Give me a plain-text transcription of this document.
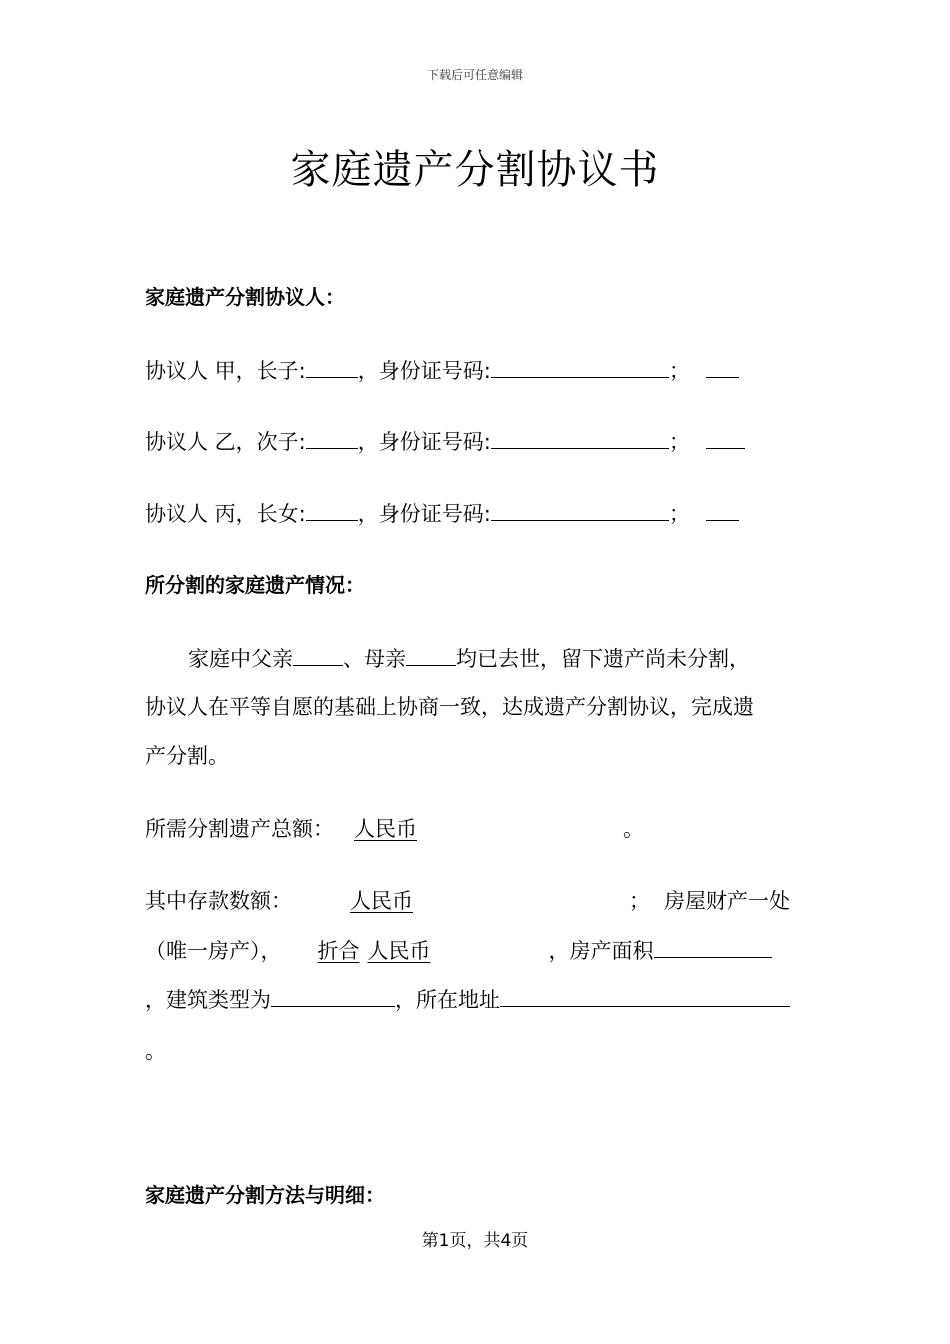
下载后可任意编辑
家庭遗产分割协议书
家庭遗产分割协议人：
协议人 甲，长子: ，身份证号码:	；
协议人 乙，次子: ，身份证号码:	；
协议人 丙，长女: ，身份证号码:	；
所分割的家庭遗产情况：
家庭中父亲 、母亲 均已去世，留下遗产尚未分割，
协议人在平等自愿的基础上协商一致，达成遗产分割协议，完成遗
产分割。
所需分割遗产总额： 人民币	。
其中存款数额：	人民币	； 房屋财产一处
（唯一房产）， 折合 人民币	，房产面积
，建筑类型为	，所在地址
。
家庭遗产分割方法与明细：
第1页，共4页
